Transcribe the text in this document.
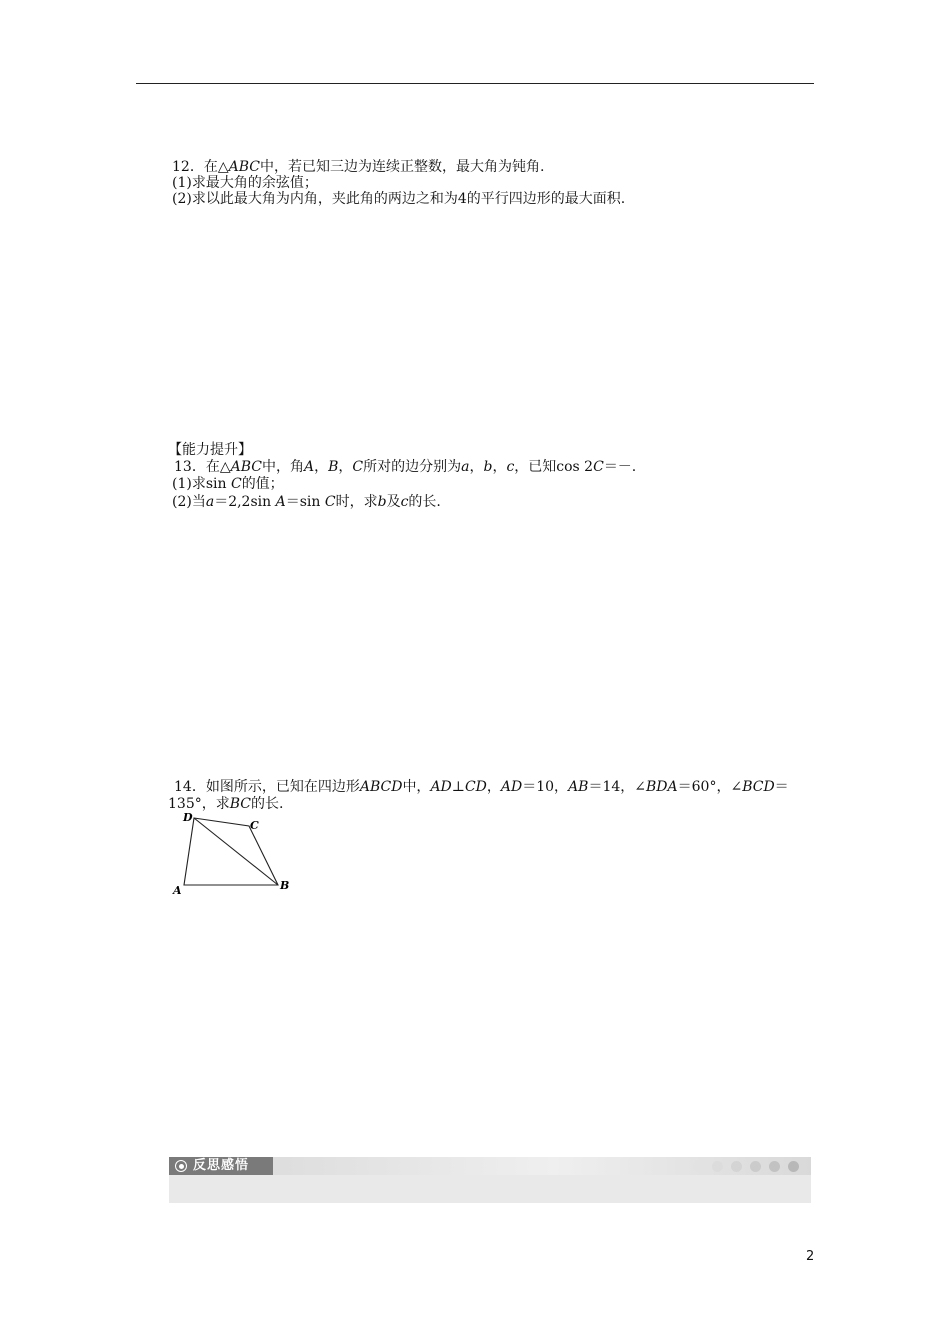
12．在△ABC中，若已知三边为连续正整数，最大角为钝角.
(1)求最大角的余弦值；
(2)求以此最大角为内角，夹此角的两边之和为4的平行四边形的最大面积.
【能力提升】
13．在△ABC中，角A，B，C所对的边分别为a，b，c，已知cos 2C＝－.
(1)求sin C的值；
(2)当a＝2,2sin A＝sin C时，求b及c的长.
14．如图所示，已知在四边形ABCD中，AD⊥CD，AD＝10，AB＝14，∠BDA＝60°，∠BCD＝
135°，求BC的长.
D
C
A	B
反思感悟
2
